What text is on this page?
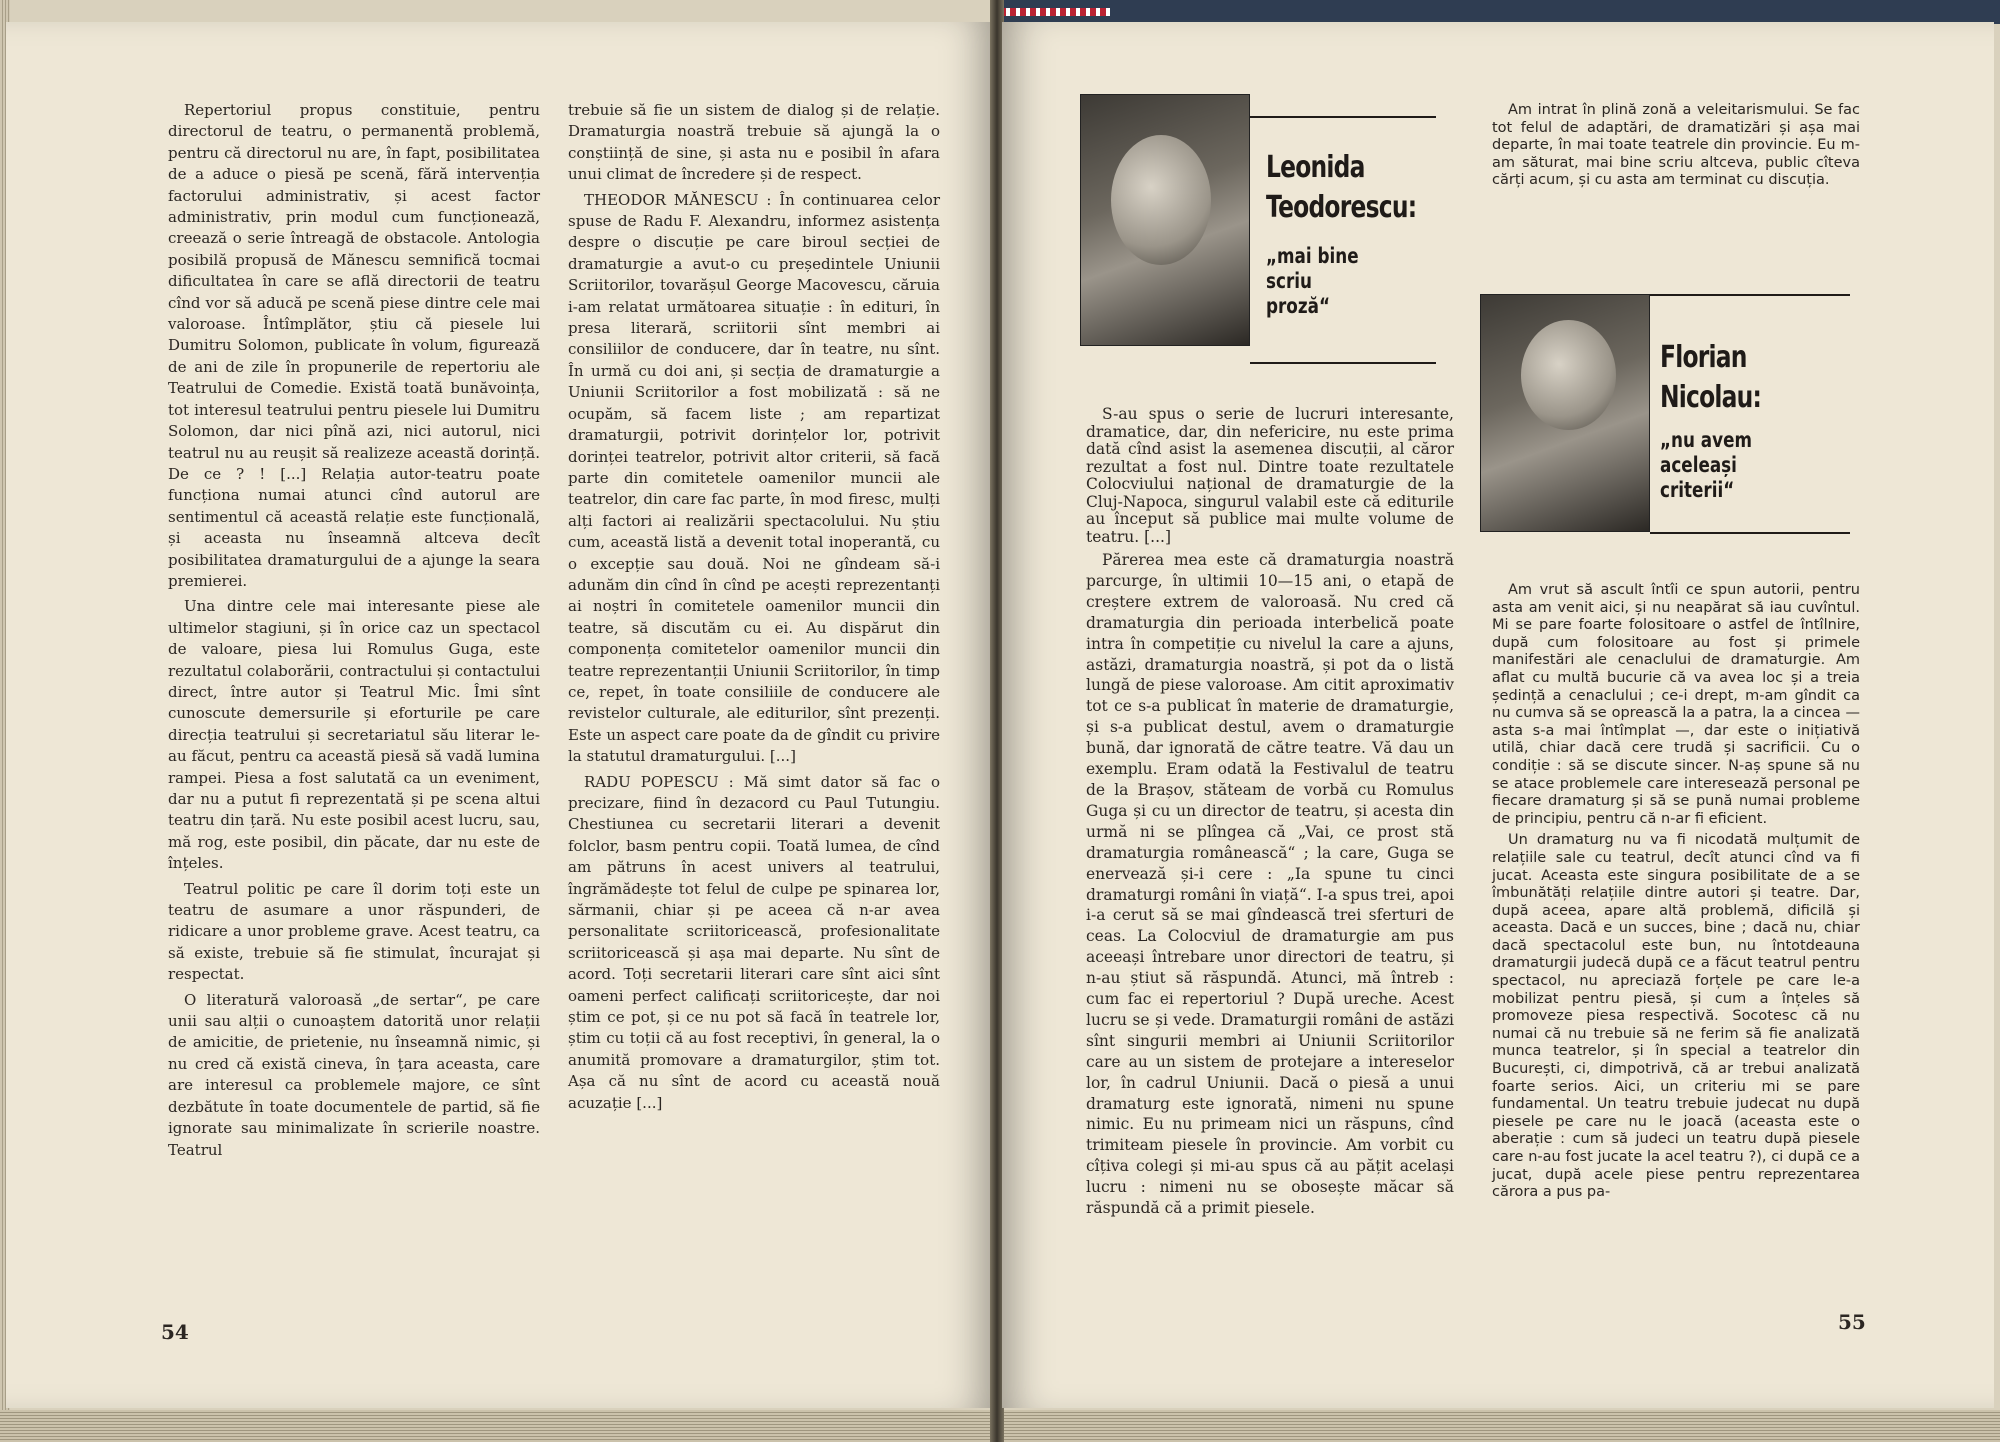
Repertoriul propus constituie, pentru directorul de teatru, o permanentă problemă, pentru că directorul nu are, în fapt, posibilitatea de a aduce o piesă pe scenă, fără intervenția factorului administrativ, și acest factor administrativ, prin modul cum funcționează, creează o serie întreagă de obstacole. Antologia posibilă propusă de Mănescu semnifică tocmai dificultatea în care se află directorii de teatru cînd vor să aducă pe scenă piese dintre cele mai valoroase. Întîmplător, știu că piesele lui Dumitru Solomon, publicate în volum, figurează de ani de zile în propunerile de repertoriu ale Teatrului de Comedie. Există toată bunăvoința, tot interesul teatrului pentru piesele lui Dumitru Solomon, dar nici pînă azi, nici autorul, nici teatrul nu au reușit să realizeze această dorință. De ce ? ! [...] Relația autor-teatru poate funcționa numai atunci cînd autorul are sentimentul că această relație este funcțională, și aceasta nu înseamnă altceva decît posibilitatea dramaturgului de a ajunge la seara premierei.

Una dintre cele mai interesante piese ale ultimelor stagiuni, și în orice caz un spectacol de valoare, piesa lui Romulus Guga, este rezultatul colaborării, contractului și contactului direct, între autor și Teatrul Mic. Îmi sînt cunoscute demersurile și eforturile pe care direcția teatrului și secretariatul său literar le-au făcut, pentru ca această piesă să vadă lumina rampei. Piesa a fost salutată ca un eveniment, dar nu a putut fi reprezentată și pe scena altui teatru din țară. Nu este posibil acest lucru, sau, mă rog, este posibil, din păcate, dar nu este de înțeles.

Teatrul politic pe care îl dorim toți este un teatru de asumare a unor răspunderi, de ridicare a unor probleme grave. Acest teatru, ca să existe, trebuie să fie stimulat, încurajat și respectat.

O literatură valoroasă „de sertar“, pe care unii sau alții o cunoaștem datorită unor relații de amicitie, de prietenie, nu înseamnă nimic, și nu cred că există cineva, în țara aceasta, care are interesul ca problemele majore, ce sînt dezbătute în toate documentele de partid, să fie ignorate sau minimalizate în scrierile noastre. Teatrul

trebuie să fie un sistem de dialog și de relație. Dramaturgia noastră trebuie să ajungă la o conștiință de sine, și asta nu e posibil în afara unui climat de încredere și de respect.

THEODOR MĂNESCU : În continuarea celor spuse de Radu F. Alexandru, informez asistența despre o discuție pe care biroul secției de dramaturgie a avut-o cu președintele Uniunii Scriitorilor, tovarășul George Macovescu, căruia i-am relatat următoarea situație : în edituri, în presa literară, scriitorii sînt membri ai consiliilor de conducere, dar în teatre, nu sînt. În urmă cu doi ani, și secția de dramaturgie a Uniunii Scriitorilor a fost mobilizată : să ne ocupăm, să facem liste ; am repartizat dramaturgii, potrivit dorințelor lor, potrivit dorinței teatrelor, potrivit altor criterii, să facă parte din comitetele oamenilor muncii ale teatrelor, din care fac parte, în mod firesc, mulți alți factori ai realizării spectacolului. Nu știu cum, această listă a devenit total inoperantă, cu o excepție sau două. Noi ne gîndeam să-i adunăm din cînd în cînd pe acești reprezentanți ai noștri în comitetele oamenilor muncii din teatre, să discutăm cu ei. Au dispărut din componența comitetelor oamenilor muncii din teatre reprezentanții Uniunii Scriitorilor, în timp ce, repet, în toate consiliile de conducere ale revistelor culturale, ale editurilor, sînt prezenți. Este un aspect care poate da de gîndit cu privire la statutul dramaturgului. [...]

RADU POPESCU : Mă simt dator să fac o precizare, fiind în dezacord cu Paul Tutungiu. Chestiunea cu secretarii literari a devenit folclor, basm pentru copii. Toată lumea, de cînd am pătruns în acest univers al teatrului, îngrămădește tot felul de culpe pe spinarea lor, sărmanii, chiar și pe aceea că n-ar avea personalitate scriitoricească, profesionalitate scriitoricească și așa mai departe. Nu sînt de acord. Toți secretarii literari care sînt aici sînt oameni perfect calificați scriitoricește, dar noi știm ce pot, și ce nu pot să facă în teatrele lor, știm cu toții că au fost receptivi, în general, la o anumită promovare a dramaturgilor, știm tot. Așa că nu sînt de acord cu această nouă acuzație [...]

54
Leonida
Teodorescu:
„mai bine
scriu
proză“

S-au spus o serie de lucruri interesante, dramatice, dar, din nefericire, nu este prima dată cînd asist la asemenea discuții, al căror rezultat a fost nul. Dintre toate rezultatele Colocviului național de dramaturgie de la Cluj-Napoca, singurul valabil este că editurile au început să publice mai multe volume de teatru. [...]

Părerea mea este că dramaturgia noastră parcurge, în ultimii 10—15 ani, o etapă de creștere extrem de valoroasă. Nu cred că dramaturgia din perioada interbelică poate intra în competiție cu nivelul la care a ajuns, astăzi, dramaturgia noastră, și pot da o listă lungă de piese valoroase. Am citit aproximativ tot ce s-a publicat în materie de dramaturgie, și s-a publicat destul, avem o dramaturgie bună, dar ignorată de către teatre. Vă dau un exemplu. Eram odată la Festivalul de teatru de la Brașov, stăteam de vorbă cu Romulus Guga și cu un director de teatru, și acesta din urmă ni se plîngea că „Vai, ce prost stă dramaturgia românească“ ; la care, Guga se enervează și-i cere : „Ia spune tu cinci dramaturgi români în viață“. I-a spus trei, apoi i-a cerut să se mai gîndească trei sferturi de ceas. La Colocviul de dramaturgie am pus aceeași întrebare unor directori de teatru, și n-au știut să răspundă. Atunci, mă întreb : cum fac ei repertoriul ? După ureche. Acest lucru se și vede. Dramaturgii români de astăzi sînt singurii membri ai Uniunii Scriitorilor care au un sistem de protejare a intereselor lor, în cadrul Uniunii. Dacă o piesă a unui dramaturg este ignorată, nimeni nu spune nimic. Eu nu primeam nici un răspuns, cînd trimiteam piesele în provincie. Am vorbit cu cîțiva colegi și mi-au spus că au pățit același lucru : nimeni nu se obosește măcar să răspundă că a primit piesele.

Am intrat în plină zonă a veleitarismului. Se fac tot felul de adaptări, de dramatizări și așa mai departe, în mai toate teatrele din provincie. Eu m-am săturat, mai bine scriu altceva, public cîteva cărți acum, și cu asta am terminat cu discuția.

Florian
Nicolau:
„nu avem
aceleași
criterii“

Am vrut să ascult întîi ce spun autorii, pentru asta am venit aici, și nu neapărat să iau cuvîntul. Mi se pare foarte folositoare o astfel de întîlnire, după cum folositoare au fost și primele manifestări ale cenaclului de dramaturgie. Am aflat cu multă bucurie că va avea loc și a treia ședință a cenaclului ; ce-i drept, m-am gîndit ca nu cumva să se oprească la a patra, la a cincea — asta s-a mai întîmplat —, dar este o inițiativă utilă, chiar dacă cere trudă și sacrificii. Cu o condiție : să se discute sincer. N-aș spune să nu se atace problemele care interesează personal pe fiecare dramaturg și să se pună numai probleme de principiu, pentru că n-ar fi eficient.

Un dramaturg nu va fi nicodată mulțumit de relațiile sale cu teatrul, decît atunci cînd va fi jucat. Aceasta este singura posibilitate de a se îmbunătăți relațiile dintre autori și teatre. Dar, după aceea, apare altă problemă, dificilă și aceasta. Dacă e un succes, bine ; dacă nu, chiar dacă spectacolul este bun, nu întotdeauna dramaturgii judecă după ce a făcut teatrul pentru spectacol, nu apreciază forțele pe care le-a mobilizat pentru piesă, și cum a înțeles să promoveze piesa respectivă. Socotesc că nu numai că nu trebuie să ne ferim să fie analizată munca teatrelor, și în special a teatrelor din București, ci, dimpotrivă, că ar trebui analizată foarte serios. Aici, un criteriu mi se pare fundamental. Un teatru trebuie judecat nu după piesele pe care nu le joacă (aceasta este o aberație : cum să judeci un teatru după piesele care n-au fost jucate la acel teatru ?), ci după ce a jucat, după acele piese pentru reprezentarea cărora a pus pa-

55
